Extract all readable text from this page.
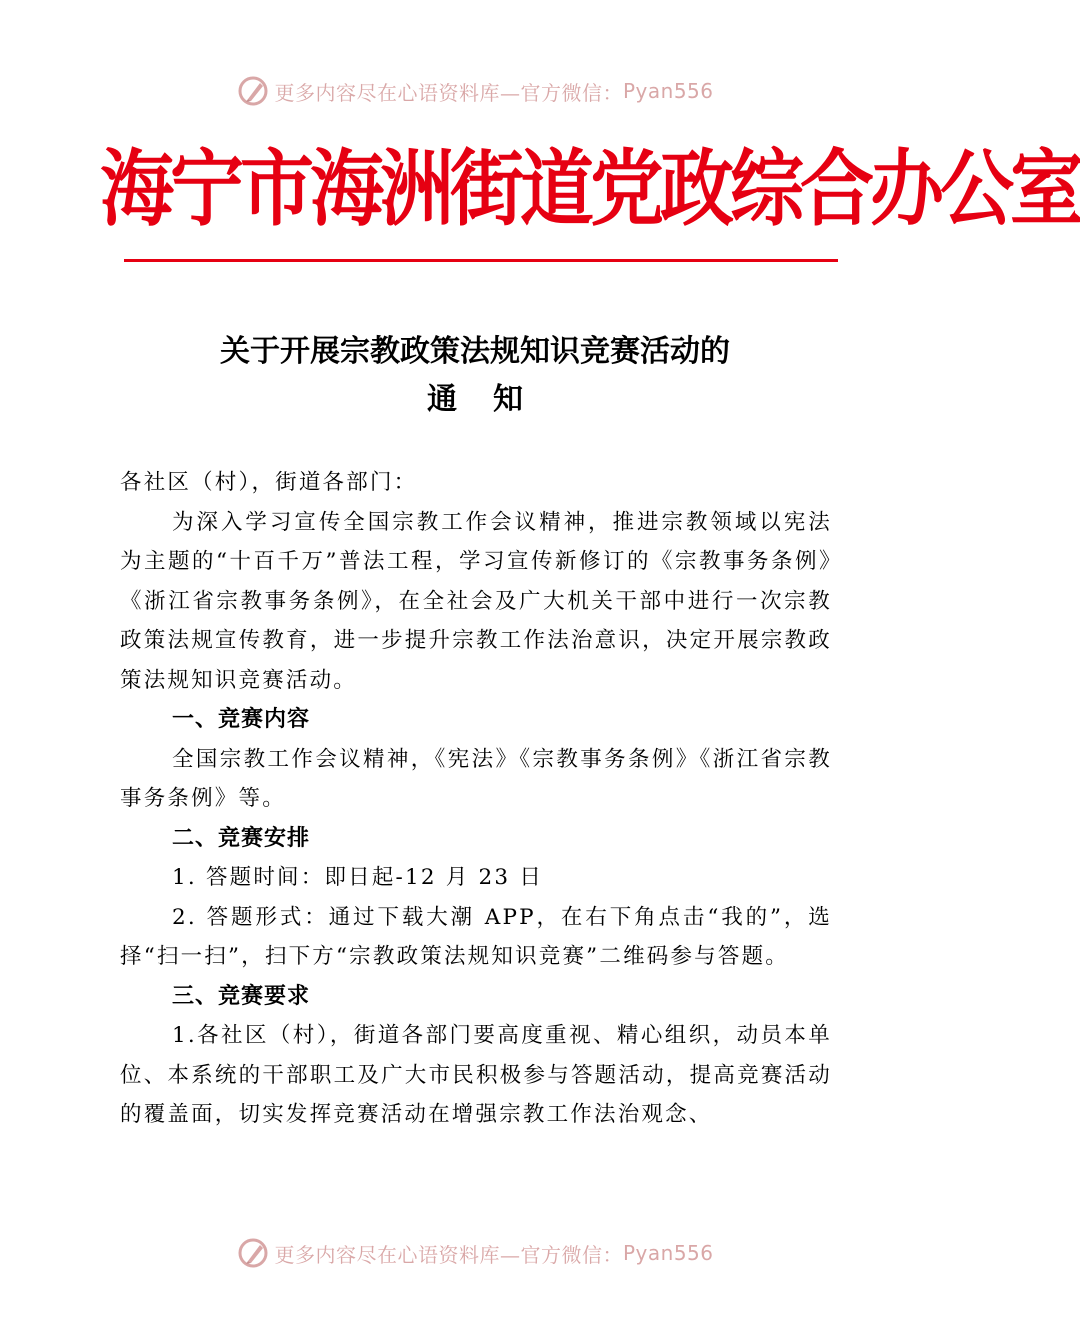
更多内容尽在心语资料库—官方微信： Pyan556
海宁市海洲街道党政综合办公室
关于开展宗教政策法规知识竞赛活动的
通知

各社区（村），街道各部门：

为深入学习宣传全国宗教工作会议精神，推进宗教领域以宪法为主题的“十百千万”普法工程，学习宣传新修订的《宗教事务条例》《浙江省宗教事务条例》，在全社会及广大机关干部中进行一次宗教政策法规宣传教育，进一步提升宗教工作法治意识，决定开展宗教政策法规知识竞赛活动。

一、竞赛内容

全国宗教工作会议精神，《宪法》《宗教事务条例》《浙江省宗教事务条例》等。

二、竞赛安排

1. 答题时间：即日起-12 月 23 日

2. 答题形式：通过下载大潮 APP，在右下角点击“我的”，选择“扫一扫”，扫下方“宗教政策法规知识竞赛”二维码参与答题。

三、竞赛要求

1.各社区（村），街道各部门要高度重视、精心组织，动员本单位、本系统的干部职工及广大市民积极参与答题活动，提高竞赛活动的覆盖面，切实发挥竞赛活动在增强宗教工作法治观念、

更多内容尽在心语资料库—官方微信： Pyan556
